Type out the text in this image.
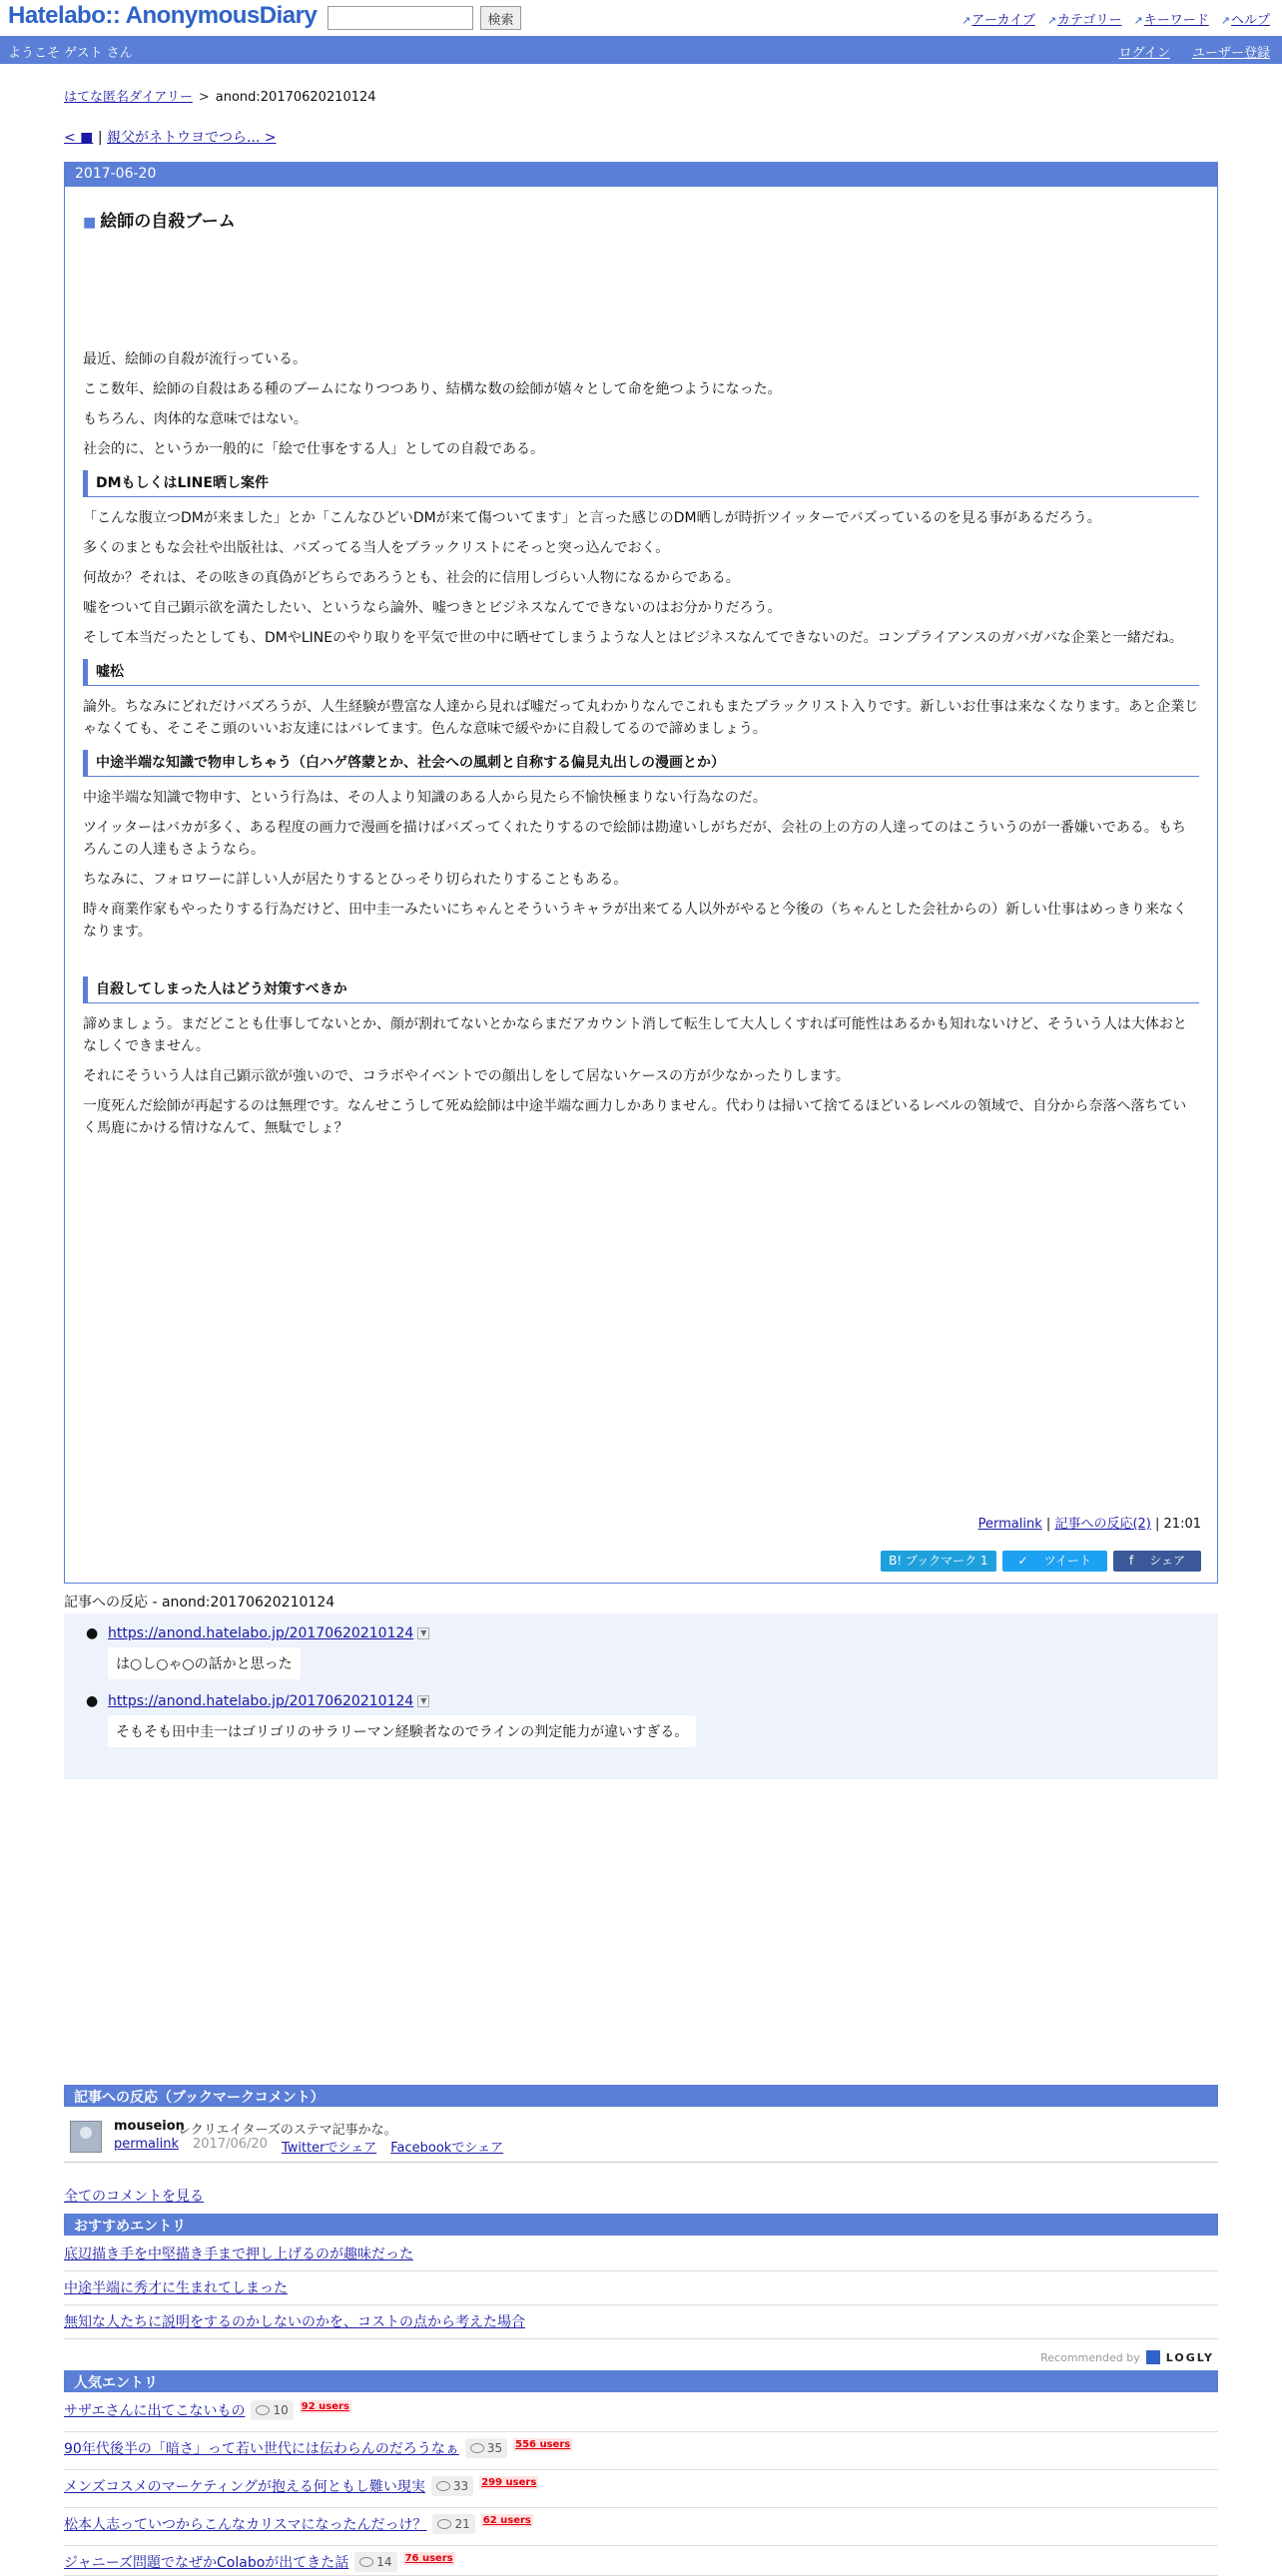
Hatelabo:: AnonymousDiary	検索	↗アーカイブ ↗カテゴリー ↗キーワード ↗ヘルプ
ようこそ ゲスト さん	ログイン ユーザー登録
はてな匿名ダイアリー > anond:20170620210124
< ■ | 親父がネトウヨでつら... >
2017-06-20
■ 絵師の自殺ブーム

最近、絵師の自殺が流行っている。

ここ数年、絵師の自殺はある種のブームになりつつあり、結構な数の絵師が嬉々として命を絶つようになった。

もちろん、肉体的な意味ではない。

社会的に、というか一般的に「絵で仕事をする人」としての自殺である。

DMもしくはLINE晒し案件

「こんな腹立つDMが来ました」とか「こんなひどいDMが来て傷ついてます」と言った感じのDM晒しが時折ツイッターでバズっているのを見る事があるだろう。

多くのまともな会社や出版社は、バズってる当人をブラックリストにそっと突っ込んでおく。

何故か？それは、その呟きの真偽がどちらであろうとも、社会的に信用しづらい人物になるからである。

嘘をついて自己顕示欲を満たしたい、というなら論外、嘘つきとビジネスなんてできないのはお分かりだろう。

そして本当だったとしても、DMやLINEのやり取りを平気で世の中に晒せてしまうような人とはビジネスなんてできないのだ。コンプライアンスのガバガバな企業と一緒だね。

嘘松

論外。ちなみにどれだけバズろうが、人生経験が豊富な人達から見れば嘘だって丸わかりなんでこれもまたブラックリスト入りです。新しいお仕事は来なくなります。あと企業じゃなくても、そこそこ頭のいいお友達にはバレてます。色んな意味で緩やかに自殺してるので諦めましょう。

中途半端な知識で物申しちゃう（白ハゲ啓蒙とか、社会への風刺と自称する偏見丸出しの漫画とか）

中途半端な知識で物申す、という行為は、その人より知識のある人から見たら不愉快極まりない行為なのだ。

ツイッターはバカが多く、ある程度の画力で漫画を描けばバズってくれたりするので絵師は勘違いしがちだが、会社の上の方の人達ってのはこういうのが一番嫌いである。もちろんこの人達もさようなら。

ちなみに、フォロワーに詳しい人が居たりするとひっそり切られたりすることもある。

時々商業作家もやったりする行為だけど、田中圭一みたいにちゃんとそういうキャラが出来てる人以外がやると今後の（ちゃんとした会社からの）新しい仕事はめっきり来なくなります。

自殺してしまった人はどう対策すべきか

諦めましょう。まだどことも仕事してないとか、顔が割れてないとかならまだアカウント消して転生して大人しくすれば可能性はあるかも知れないけど、そういう人は大体おとなしくできません。

それにそういう人は自己顕示欲が強いので、コラボやイベントでの顔出しをして居ないケースの方が少なかったりします。

一度死んだ絵師が再起するのは無理です。なんせこうして死ぬ絵師は中途半端な画力しかありません。代わりは掃いて捨てるほどいるレベルの領域で、自分から奈落へ落ちていく馬鹿にかける情けなんて、無駄でしょ？

Permalink | 記事への反応(2) | 21:01
B! ブックマーク 1	✓ツイート	fシェア
記事への反応 - anond:20170620210124
● https://anond.hatelabo.jp/20170620210124 ▼
は○し○ゃ○の話かと思った
● https://anond.hatelabo.jp/20170620210124 ▼
そもそも田中圭一はゴリゴリのサラリーマン経験者なのでラインの判定能力が違いすぎる。
記事への反応（ブックマークコメント）
mouseion
レクリエイターズのステマ記事かな。
permalink 2017/06/20 Twitterでシェア Facebookでシェア
全てのコメントを見る
おすすめエントリ
底辺描き手を中堅描き手まで押し上げるのが趣味だった
中途半端に秀才に生まれてしまった
無知な人たちに説明をするのかしないのかを、コストの点から考えた場合
Recommended by LOGLY
人気エントリ
サザエさんに出てこないもの 10 92 users
90年代後半の「暗さ」って若い世代には伝わらんのだろうなぁ 35 556 users
メンズコスメのマーケティングが抱える何ともし難い現実 33 299 users
松本人志っていつからこんなカリスマになったんだっけ？ 21 62 users
ジャニーズ問題でなぜかColaboが出てきた話 14 76 users
